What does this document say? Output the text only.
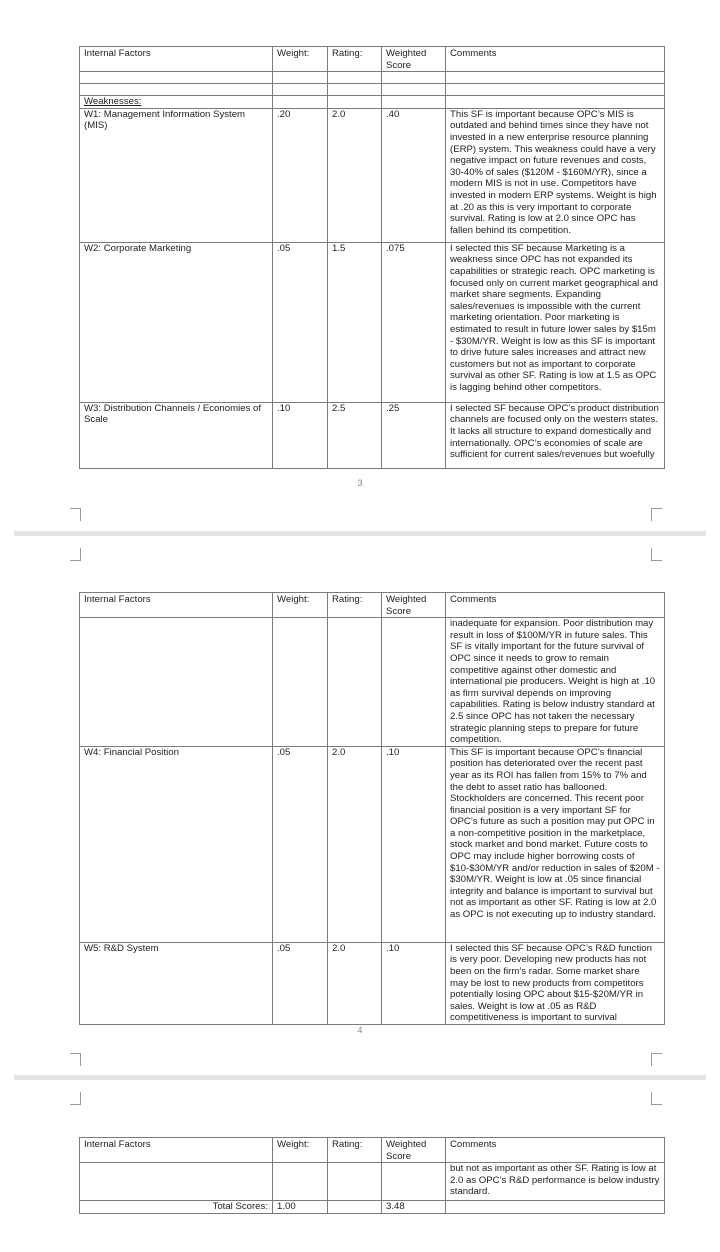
Internal Factors	Weight:	Rating:	Weighted Score	Comments

Weaknesses:				
W1: Management Information System (MIS)	.20	2.0	.40	This SF is important because OPC’s MIS is outdated and behind times since they have not invested in a new enterprise resource planning (ERP) system. This weakness could have a very negative impact on future revenues and costs, 30-40% of sales ($120M - $160M/YR), since a modern MIS is not in use. Competitors have invested in modern ERP systems. Weight is high at .20 as this is very important to corporate survival. Rating is low at 2.0 since OPC has fallen behind its competition.
W2: Corporate Marketing	.05	1.5	.075	I selected this SF because Marketing is a weakness since OPC has not expanded its capabilities or strategic reach. OPC marketing is focused only on current market geographical and market share segments. Expanding sales/revenues is impossible with the current marketing orientation. Poor marketing is estimated to result in future lower sales by $15m - $30M/YR. Weight is low as this SF is important to drive future sales increases and attract new customers but not as important to corporate survival as other SF. Rating is low at 1.5 as OPC is lagging behind other competitors.
W3: Distribution Channels / Economies of Scale	.10	2.5	.25	I selected SF because OPC’s product distribution channels are focused only on the western states. It lacks all structure to expand domestically and internationally. OPC’s economies of scale are sufficient for current sales/revenues but woefully
3
Internal Factors	Weight:	Rating:	Weighted Score	Comments
				inadequate for expansion. Poor distribution may result in loss of $100M/YR in future sales. This SF is vitally important for the future survival of OPC since it needs to grow to remain competitive against other domestic and international pie producers. Weight is high at .10 as firm survival depends on improving capabilities. Rating is below industry standard at 2.5 since OPC has not taken the necessary strategic planning steps to prepare for future competition.
W4: Financial Position	.05	2.0	.10	This SF is important because OPC’s financial position has deteriorated over the recent past year as its ROI has fallen from 15% to 7% and the debt to asset ratio has ballooned. Stockholders are concerned. This recent poor financial position is a very important SF for OPC’s future as such a position may put OPC in a non-competitive position in the marketplace, stock market and bond market. Future costs to OPC may include higher borrowing costs of $10-$30M/YR and/or reduction in sales of $20M - $30M/YR. Weight is low at .05 since financial integrity and balance is important to survival but not as important as other SF. Rating is low at 2.0 as OPC is not executing up to industry standard.
W5: R&D System	.05	2.0	.10	I selected this SF because OPC’s R&D function is very poor. Developing new products has not been on the firm’s radar. Some market share may be lost to new products from competitors potentially losing OPC about $15-$20M/YR in sales. Weight is low at .05 as R&D competitiveness is important to survival
4
Internal Factors	Weight:	Rating:	Weighted Score	Comments
				but not as important as other SF. Rating is low at 2.0 as OPC’s R&D performance is below industry standard.
Total Scores:	1.00		3.48	
